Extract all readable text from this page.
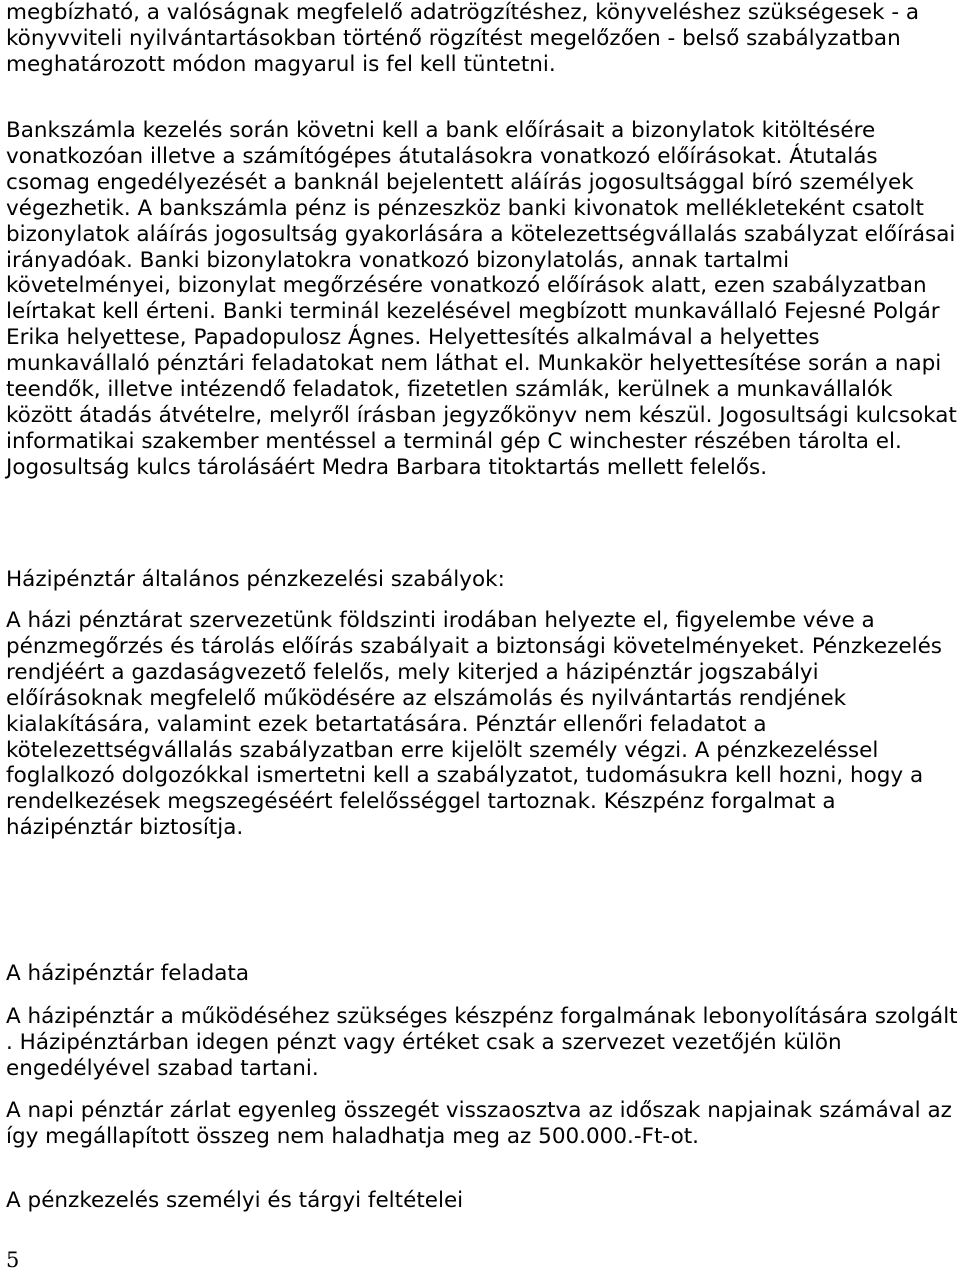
megbízható, a valóságnak megfelelő adatrögzítéshez, könyveléshez szükségesek - a könyvviteli nyilvántartásokban történő rögzítést megelőzően - belső szabályzatban meghatározott módon magyarul is fel kell tüntetni.

Bankszámla kezelés során követni kell a bank előírásait a bizonylatok kitöltésére vonatkozóan illetve a számítógépes átutalásokra vonatkozó előírásokat. Átutalás csomag engedélyezését a banknál bejelentett aláírás jogosultsággal bíró személyek végezhetik. A bankszámla pénz is pénzeszköz banki kivonatok mellékleteként csatolt bizonylatok aláírás jogosultság gyakorlására a kötelezettségvállalás szabályzat előírásai irányadóak. Banki bizonylatokra vonatkozó bizonylatolás, annak tartalmi követelményei, bizonylat megőrzésére vonatkozó előírások alatt, ezen szabályzatban leírtakat kell érteni. Banki terminál kezelésével megbízott munkavállaló Fejesné Polgár Erika helyettese, Papadopulosz Ágnes. Helyettesítés alkalmával a helyettes munkavállaló pénztári feladatokat nem láthat el. Munkakör helyettesítése során a napi teendők, illetve intézendő feladatok, fizetetlen számlák, kerülnek a munkavállalók között átadás átvételre, melyről írásban jegyzőkönyv nem készül. Jogosultsági kulcsokat informatikai szakember mentéssel a terminál gép C winchester részében tárolta el. Jogosultság kulcs tárolásáért Medra Barbara titoktartás mellett felelős.

Házipénztár általános pénzkezelési szabályok:

A házi pénztárat szervezetünk földszinti irodában helyezte el, figyelembe véve a pénzmegőrzés és tárolás előírás szabályait a biztonsági követelményeket. Pénzkezelés rendjéért a gazdaságvezető felelős, mely kiterjed a házipénztár jogszabályi előírásoknak megfelelő működésére az elszámolás és nyilvántartás rendjének kialakítására, valamint ezek betartatására. Pénztár ellenőri feladatot a kötelezettségvállalás szabályzatban erre kijelölt személy végzi. A pénzkezeléssel foglalkozó dolgozókkal ismertetni kell a szabályzatot, tudomásukra kell hozni, hogy a rendelkezések megszegéséért felelősséggel tartoznak. Készpénz forgalmat a házipénztár biztosítja.

A házipénztár feladata

A házipénztár a működéséhez szükséges készpénz forgalmának lebonyolítására szolgált . Házipénztárban idegen pénzt vagy értéket csak a szervezet vezetőjén külön engedélyével szabad tartani.

A napi pénztár zárlat egyenleg összegét visszaosztva az időszak napjainak számával az így megállapított összeg nem haladhatja meg az 500.000.-Ft-ot.

A pénzkezelés személyi és tárgyi feltételei

5
